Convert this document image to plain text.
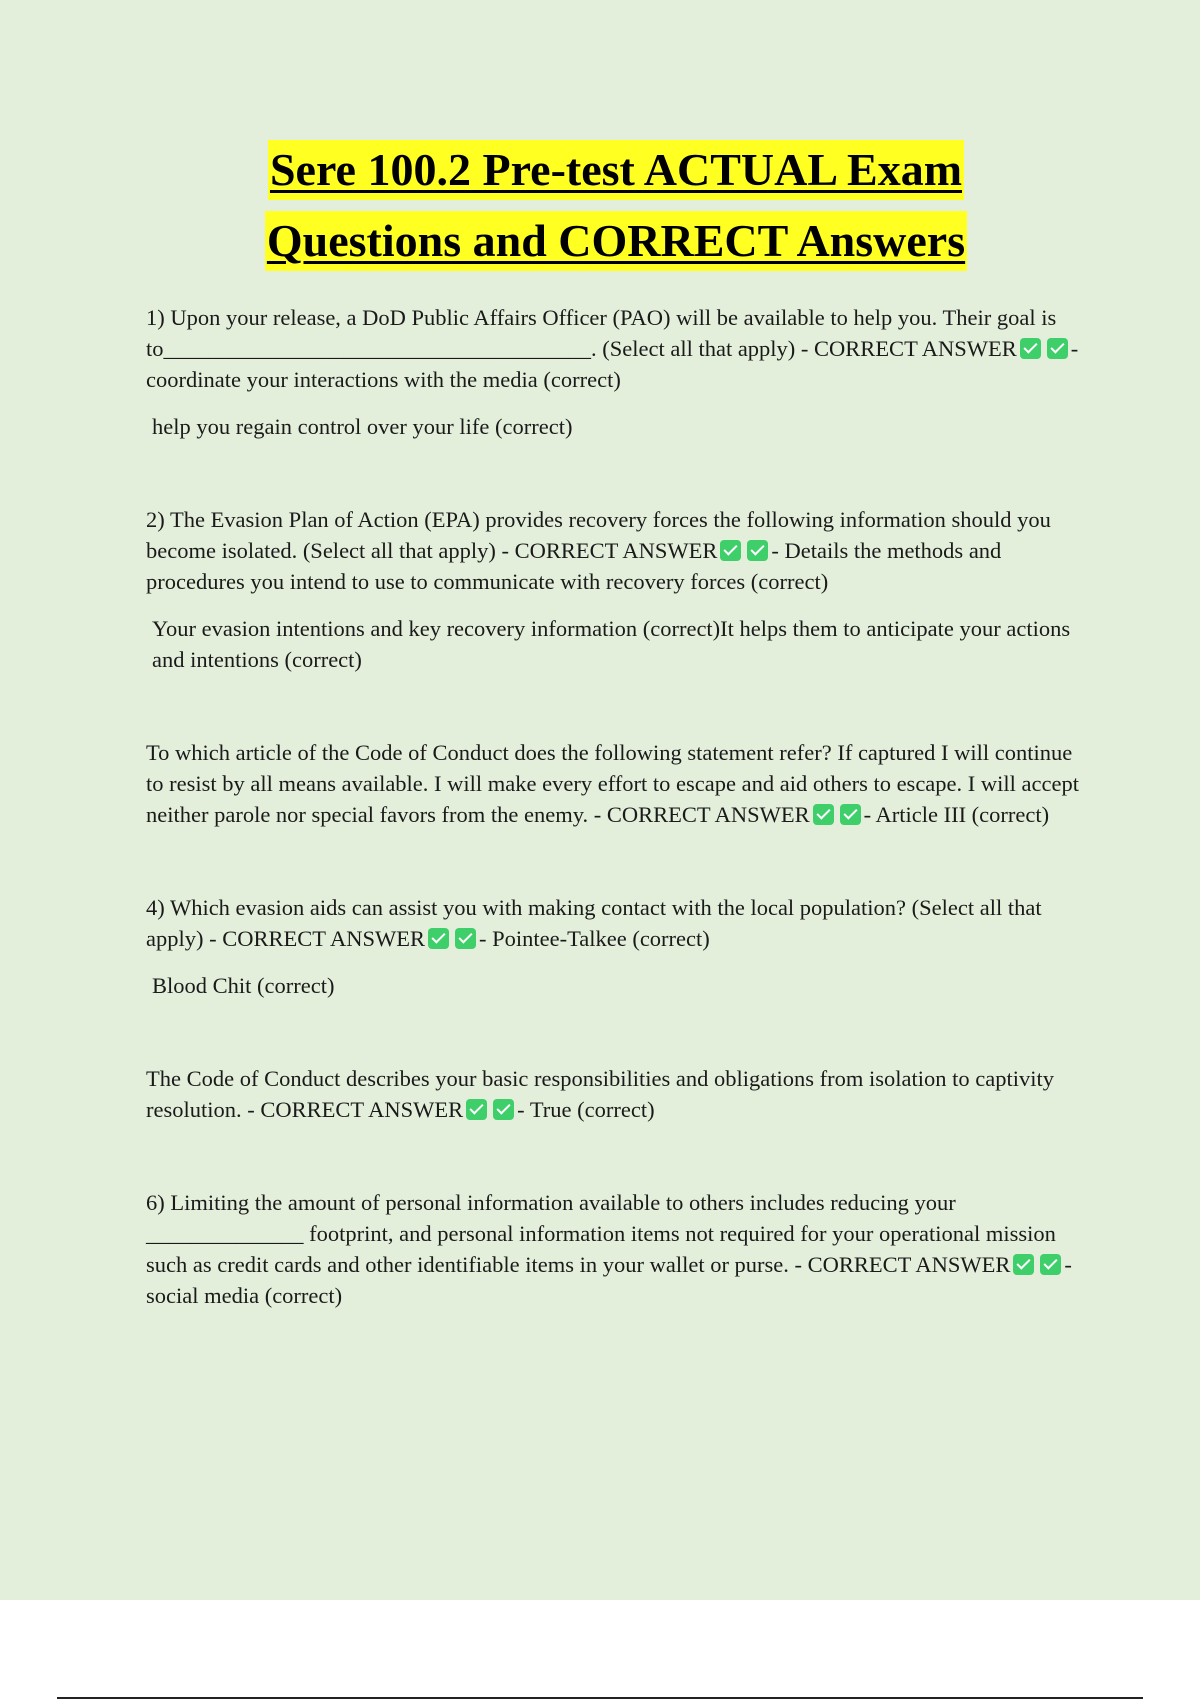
Sere 100.2 Pre-test ACTUAL Exam
Questions and CORRECT Answers

1) Upon your release, a DoD Public Affairs Officer (PAO) will be available to help you. Their goal is to______________________________________. (Select all that apply) - CORRECT ANSWER - coordinate your interactions with the media (correct)

help you regain control over your life (correct)

2) The Evasion Plan of Action (EPA) provides recovery forces the following information should you become isolated. (Select all that apply) - CORRECT ANSWER - Details the methods and procedures you intend to use to communicate with recovery forces (correct)

Your evasion intentions and key recovery information (correct)It helps them to anticipate your actions and intentions (correct)

To which article of the Code of Conduct does the following statement refer? If captured I will continue to resist by all means available. I will make every effort to escape and aid others to escape. I will accept neither parole nor special favors from the enemy. - CORRECT ANSWER - Article III (correct)

4) Which evasion aids can assist you with making contact with the local population? (Select all that apply) - CORRECT ANSWER - Pointee-Talkee (correct)

Blood Chit (correct)

The Code of Conduct describes your basic responsibilities and obligations from isolation to captivity resolution. - CORRECT ANSWER - True (correct)

6) Limiting the amount of personal information available to others includes reducing your ______________ footprint, and personal information items not required for your operational mission such as credit cards and other identifiable items in your wallet or purse. - CORRECT ANSWER - social media (correct)
